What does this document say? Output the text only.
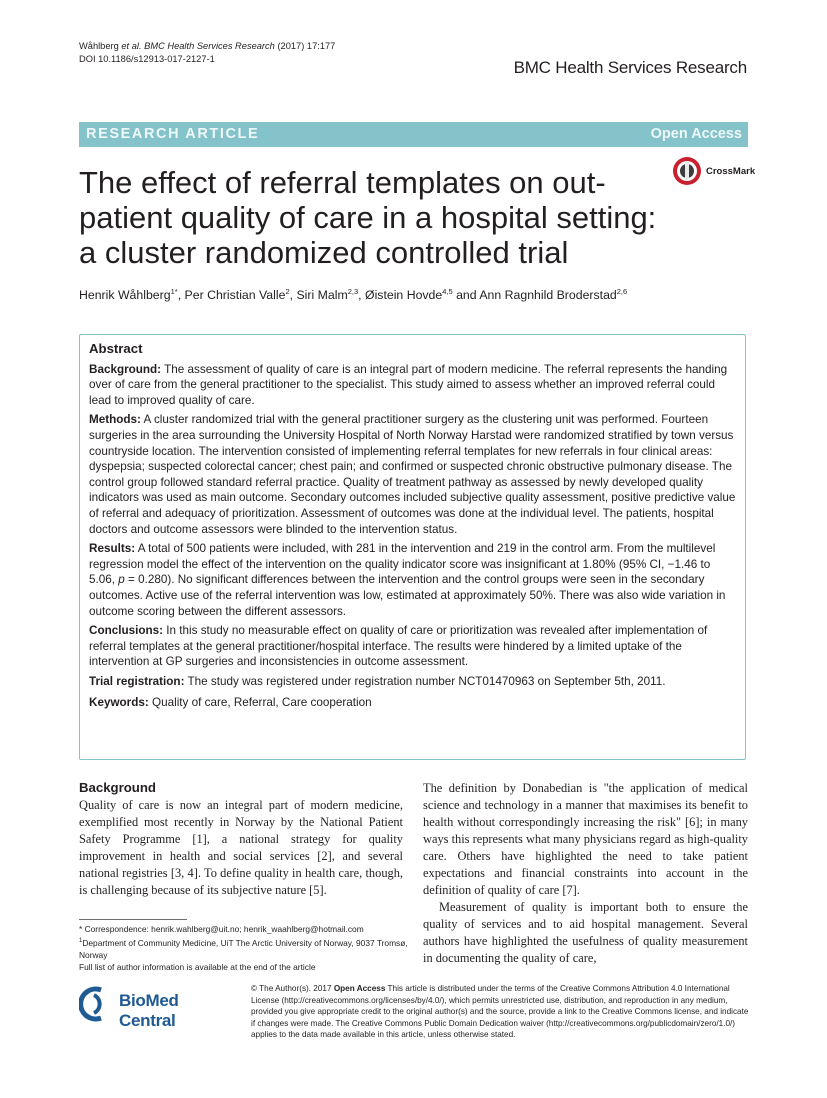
Wåhlberg et al. BMC Health Services Research (2017) 17:177
DOI 10.1186/s12913-017-2127-1	BMC Health Services Research
RESEARCH ARTICLE	Open Access
The effect of referral templates on out-patient quality of care in a hospital setting: a cluster randomized controlled trial
CrossMark
Henrik Wåhlberg$^{1*}$, Per Christian Valle$^2$, Siri Malm$^{2,3}$, Øistein Hovde$^{4,5}$ and Ann Ragnhild Broderstad$^{2,6}$
Abstract

Background: The assessment of quality of care is an integral part of modern medicine. The referral represents the handing over of care from the general practitioner to the specialist. This study aimed to assess whether an improved referral could lead to improved quality of care.

Methods: A cluster randomized trial with the general practitioner surgery as the clustering unit was performed. Fourteen surgeries in the area surrounding the University Hospital of North Norway Harstad were randomized stratified by town versus countryside location. The intervention consisted of implementing referral templates for new referrals in four clinical areas: dyspepsia; suspected colorectal cancer; chest pain; and confirmed or suspected chronic obstructive pulmonary disease. The control group followed standard referral practice. Quality of treatment pathway as assessed by newly developed quality indicators was used as main outcome. Secondary outcomes included subjective quality assessment, positive predictive value of referral and adequacy of prioritization. Assessment of outcomes was done at the individual level. The patients, hospital doctors and outcome assessors were blinded to the intervention status.

Results: A total of 500 patients were included, with 281 in the intervention and 219 in the control arm. From the multilevel regression model the effect of the intervention on the quality indicator score was insignificant at 1.80% (95% CI, −1.46 to 5.06, p = 0.280). No significant differences between the intervention and the control groups were seen in the secondary outcomes. Active use of the referral intervention was low, estimated at approximately 50%. There was also wide variation in outcome scoring between the different assessors.

Conclusions: In this study no measurable effect on quality of care or prioritization was revealed after implementation of referral templates at the general practitioner/hospital interface. The results were hindered by a limited uptake of the intervention at GP surgeries and inconsistencies in outcome assessment.

Trial registration: The study was registered under registration number NCT01470963 on September 5th, 2011.

Keywords: Quality of care, Referral, Care cooperation

Background
Quality of care is now an integral part of modern medicine, exemplified most recently in Norway by the National Patient Safety Programme [1], a national strategy for quality improvement in health and social services [2], and several national registries [3, 4]. To define quality in health care, though, is challenging because of its subjective nature [5].

The definition by Donabedian is "the application of medical science and technology in a manner that maximises its benefit to health without correspondingly increasing the risk" [6]; in many ways this represents what many physicians regard as high-quality care. Others have highlighted the need to take patient expectations and financial constraints into account in the definition of quality of care [7].

Measurement of quality is important both to ensure the quality of services and to aid hospital management. Several authors have highlighted the usefulness of quality measurement in documenting the quality of care,

* Correspondence: henrik.wahlberg@uit.no; henrik_waahlberg@hotmail.com
$^1$Department of Community Medicine, UiT The Arctic University of Norway, 9037 Tromsø, Norway
Full list of author information is available at the end of the article
BioMed Central
© The Author(s). 2017 Open Access This article is distributed under the terms of the Creative Commons Attribution 4.0 International License (http://creativecommons.org/licenses/by/4.0/), which permits unrestricted use, distribution, and reproduction in any medium, provided you give appropriate credit to the original author(s) and the source, provide a link to the Creative Commons license, and indicate if changes were made. The Creative Commons Public Domain Dedication waiver (http://creativecommons.org/publicdomain/zero/1.0/) applies to the data made available in this article, unless otherwise stated.
